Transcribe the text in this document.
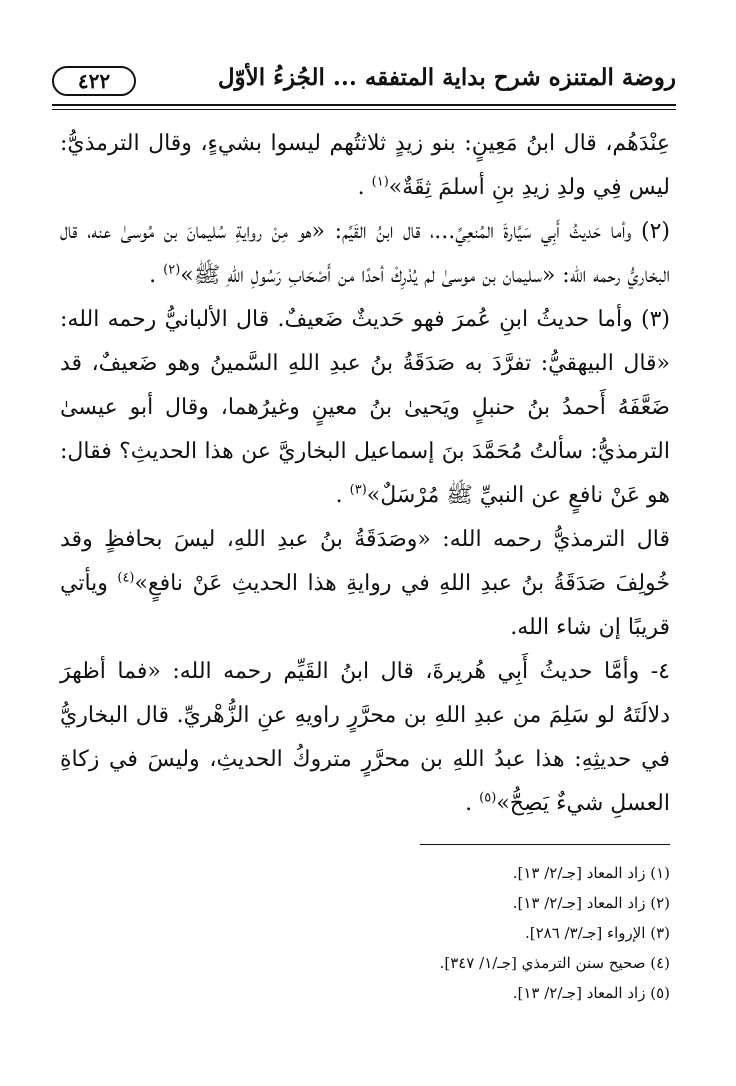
روضة المتنزه شرح بداية المتفقه ... الجُزءُ الأوّل
٤٢٢

عِنْدَهُم، قال ابنُ مَعِينٍ: بنو زيدٍ ثلاثتُهم ليسوا بشيءٍ، وقال الترمذيُّ: ليس فِي ولدِ زيدِ بنِ أسلمَ ثِقَةٌ»$^{(١)}$ .

(٢) وأما حَديثُ أَبِي سَيَّارةَ المُنعِيِّ...، قال ابنُ القَيِّم: «هو مِنْ روايةِ سُليمانَ بن مُوسىٰ عنه، قال البخاريُّ رحمه الله: «سليمان بن موسىٰ لم يُدْرِكْ أحدًا من أَصْحَابِ رَسُولِ اللهِ ﷺ»$^{(٢)}$ .

(٣) وأما حديثُ ابنِ عُمرَ فهو حَديثٌ ضَعيفٌ. قال الألبانيُّ رحمه الله: «قال البيهقيُّ: تفرَّدَ به صَدَقَةُ بنُ عبدِ اللهِ السَّمينُ وهو ضَعيفٌ، قد ضَعَّفَهُ أَحمدُ بنُ حنبلٍ ويَحيىٰ بنُ معينٍ وغيرُهما، وقال أبو عيسىٰ الترمذيُّ: سألتُ مُحَمَّدَ بنَ إسماعيل البخاريَّ عن هذا الحديثِ؟ فقال: هو عَنْ نافعٍ عن النبيِّ ﷺ مُرْسَلٌ»$^{(٣)}$ .

قال الترمذيُّ رحمه الله: «وصَدَقَةُ بنُ عبدِ اللهِ، ليسَ بحافظٍ وقد خُولِفَ صَدَقَةُ بنُ عبدِ اللهِ في روايةِ هذا الحديثِ عَنْ نافعٍ»$^{(٤)}$ ويأتي قريبًا إن شاء الله.

٤- وأمَّا حديثُ أَبِي هُريرةَ، قال ابنُ القَيِّم رحمه الله: «فما أظهرَ دلالَتَهُ لو سَلِمَ من عبدِ اللهِ بن محرَّرٍ راويهِ عنِ الزُّهْريِّ. قال البخاريُّ في حديثِهِ: هذا عبدُ اللهِ بن محرَّرٍ متروكُ الحديثِ، وليسَ في زكاةِ العسلِ شيءٌ يَصِحُّ»$^{(٥)}$ .

(١) زاد المعاد [جـ/٢/ ١٣].

(٢) زاد المعاد [جـ/٢/ ١٣].

(٣) الإرواء [جـ/٣/ ٢٨٦].

(٤) صحيح سنن الترمذي [جـ/١/ ٣٤٧].

(٥) زاد المعاد [جـ/٢/ ١٣].
